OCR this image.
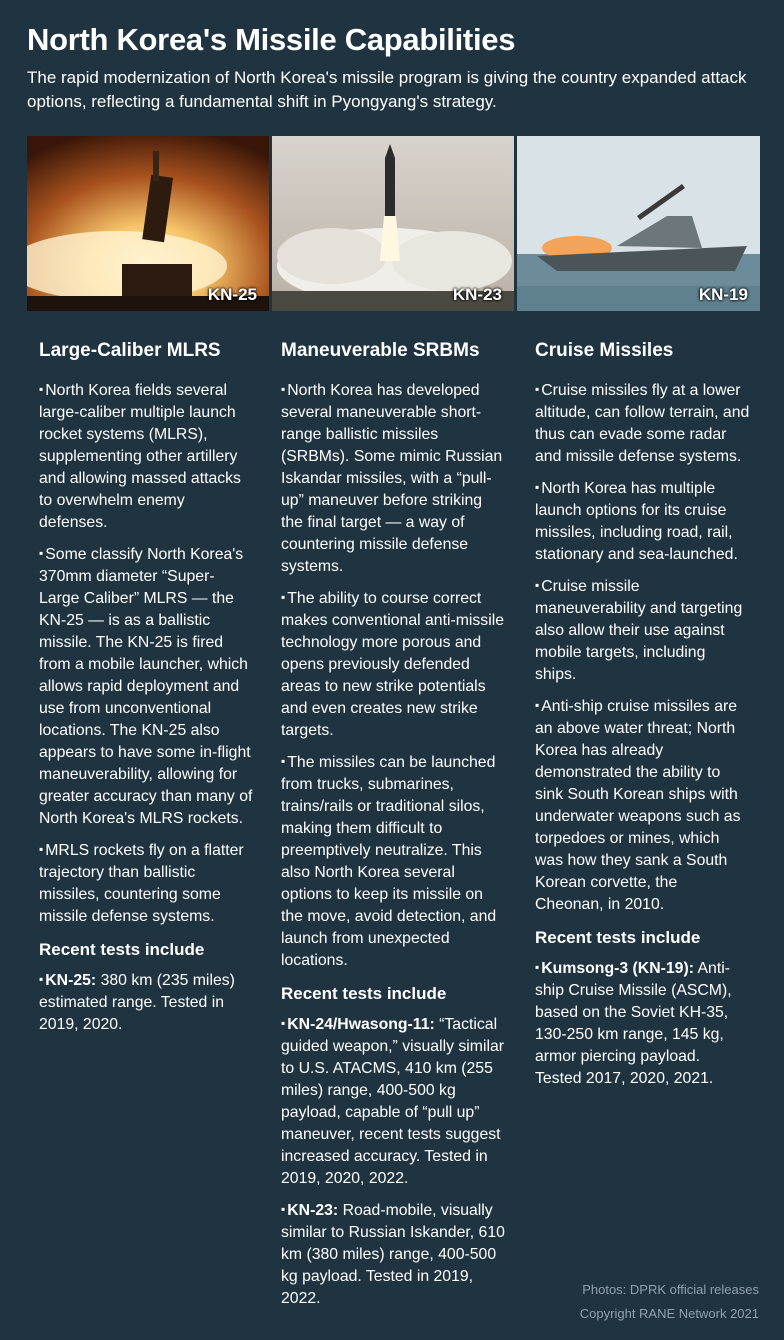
North Korea's Missile Capabilities

The rapid modernization of North Korea's missile program is giving the country expanded attack options, reflecting a fundamental shift in Pyongyang's strategy.

KN-25	KN-23	KN-19
Large-Caliber MLRS

▪ North Korea fields several large-caliber multiple launch rocket systems (MLRS), supplementing other artillery and allowing massed attacks to overwhelm enemy defenses.

▪ Some classify North Korea's 370mm diameter “Super-Large Caliber” MLRS — the KN-25 — is as a ballistic missile. The KN-25 is fired from a mobile launcher, which allows rapid deployment and use from unconventional locations. The KN-25 also appears to have some in-flight maneuverability, allowing for greater accuracy than many of North Korea's MLRS rockets.

▪ MRLS rockets fly on a flatter trajectory than ballistic missiles, countering some missile defense systems.

Recent tests include

▪ KN-25: 380 km (235 miles) estimated range. Tested in 2019, 2020.

Maneuverable SRBMs

▪ North Korea has developed several maneuverable short-range ballistic missiles (SRBMs). Some mimic Russian Iskandar missiles, with a “pull-up” maneuver before striking the final target — a way of countering missile defense systems.

▪ The ability to course correct makes conventional anti-missile technology more porous and opens previously defended areas to new strike potentials and even creates new strike targets.

▪ The missiles can be launched from trucks, submarines, trains/rails or traditional silos, making them difficult to preemptively neutralize. This also North Korea several options to keep its missile on the move, avoid detection, and launch from unexpected locations.

Recent tests include

▪ KN-24/Hwasong-11: “Tactical guided weapon,” visually similar to U.S. ATACMS, 410 km (255 miles) range, 400-500 kg payload, capable of “pull up” maneuver, recent tests suggest increased accuracy. Tested in 2019, 2020, 2022.

▪ KN-23: Road-mobile, visually similar to Russian Iskander, 610 km (380 miles) range, 400-500 kg payload. Tested in 2019, 2022.

Cruise Missiles

▪ Cruise missiles fly at a lower altitude, can follow terrain, and thus can evade some radar and missile defense systems.

▪ North Korea has multiple launch options for its cruise missiles, including road, rail, stationary and sea-launched.

▪ Cruise missile maneuverability and targeting also allow their use against mobile targets, including ships.

▪ Anti-ship cruise missiles are an above water threat; North Korea has already demonstrated the ability to sink South Korean ships with underwater weapons such as torpedoes or mines, which was how they sank a South Korean corvette, the Cheonan, in 2010.

Recent tests include

▪ Kumsong-3 (KN-19): Anti-ship Cruise Missile (ASCM), based on the Soviet KH-35, 130-250 km range, 145 kg, armor piercing payload. Tested 2017, 2020, 2021.

Photos: DPRK official releases
Copyright RANE Network 2021
